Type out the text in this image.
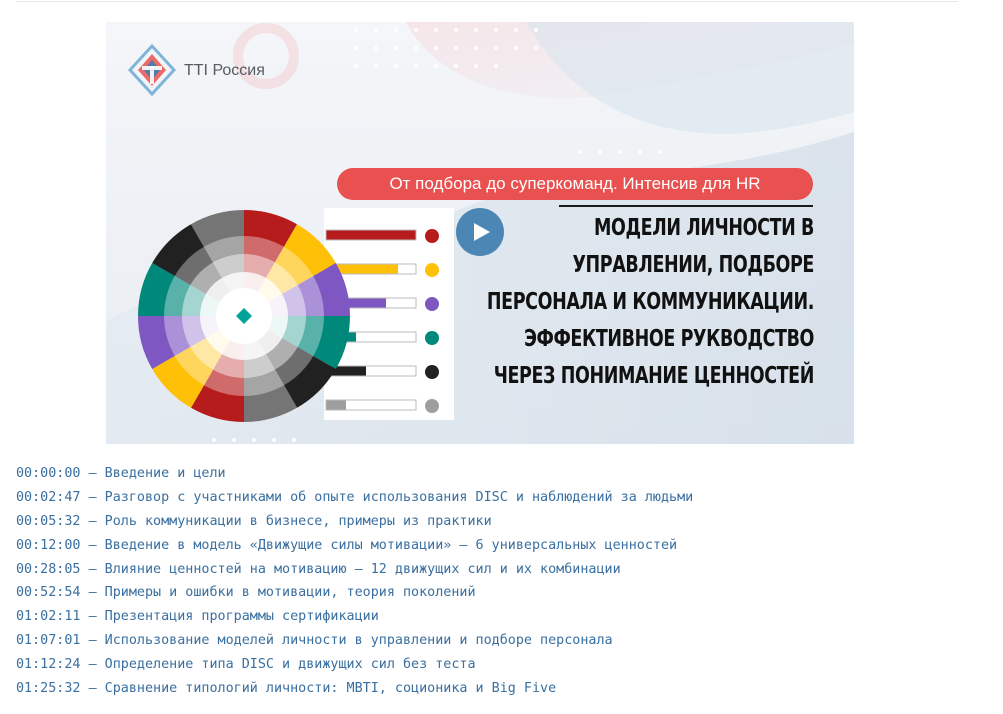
TTI Россия
От подбора до суперкоманд. Интенсив для HR
МОДЕЛИ ЛИЧНОСТИ В
УПРАВЛЕНИИ, ПОДБОРЕ
ПЕРСОНАЛА И КОММУНИКАЦИИ.
ЭФФЕКТИВНОЕ РУКВОДСТВО
ЧЕРЕЗ ПОНИМАНИЕ ЦЕННОСТЕЙ
00:00:00 — Введение и цели
00:02:47 — Разговор с участниками об опыте использования DISC и наблюдений за людьми
00:05:32 — Роль коммуникации в бизнесе, примеры из практики
00:12:00 — Введение в модель «Движущие силы мотивации» — 6 универсальных ценностей
00:28:05 — Влияние ценностей на мотивацию — 12 движущих сил и их комбинации
00:52:54 — Примеры и ошибки в мотивации, теория поколений
01:02:11 — Презентация программы сертификации
01:07:01 — Использование моделей личности в управлении и подборе персонала
01:12:24 — Определение типа DISC и движущих сил без теста
01:25:32 — Сравнение типологий личности: MBTI, соционика и Big Five
